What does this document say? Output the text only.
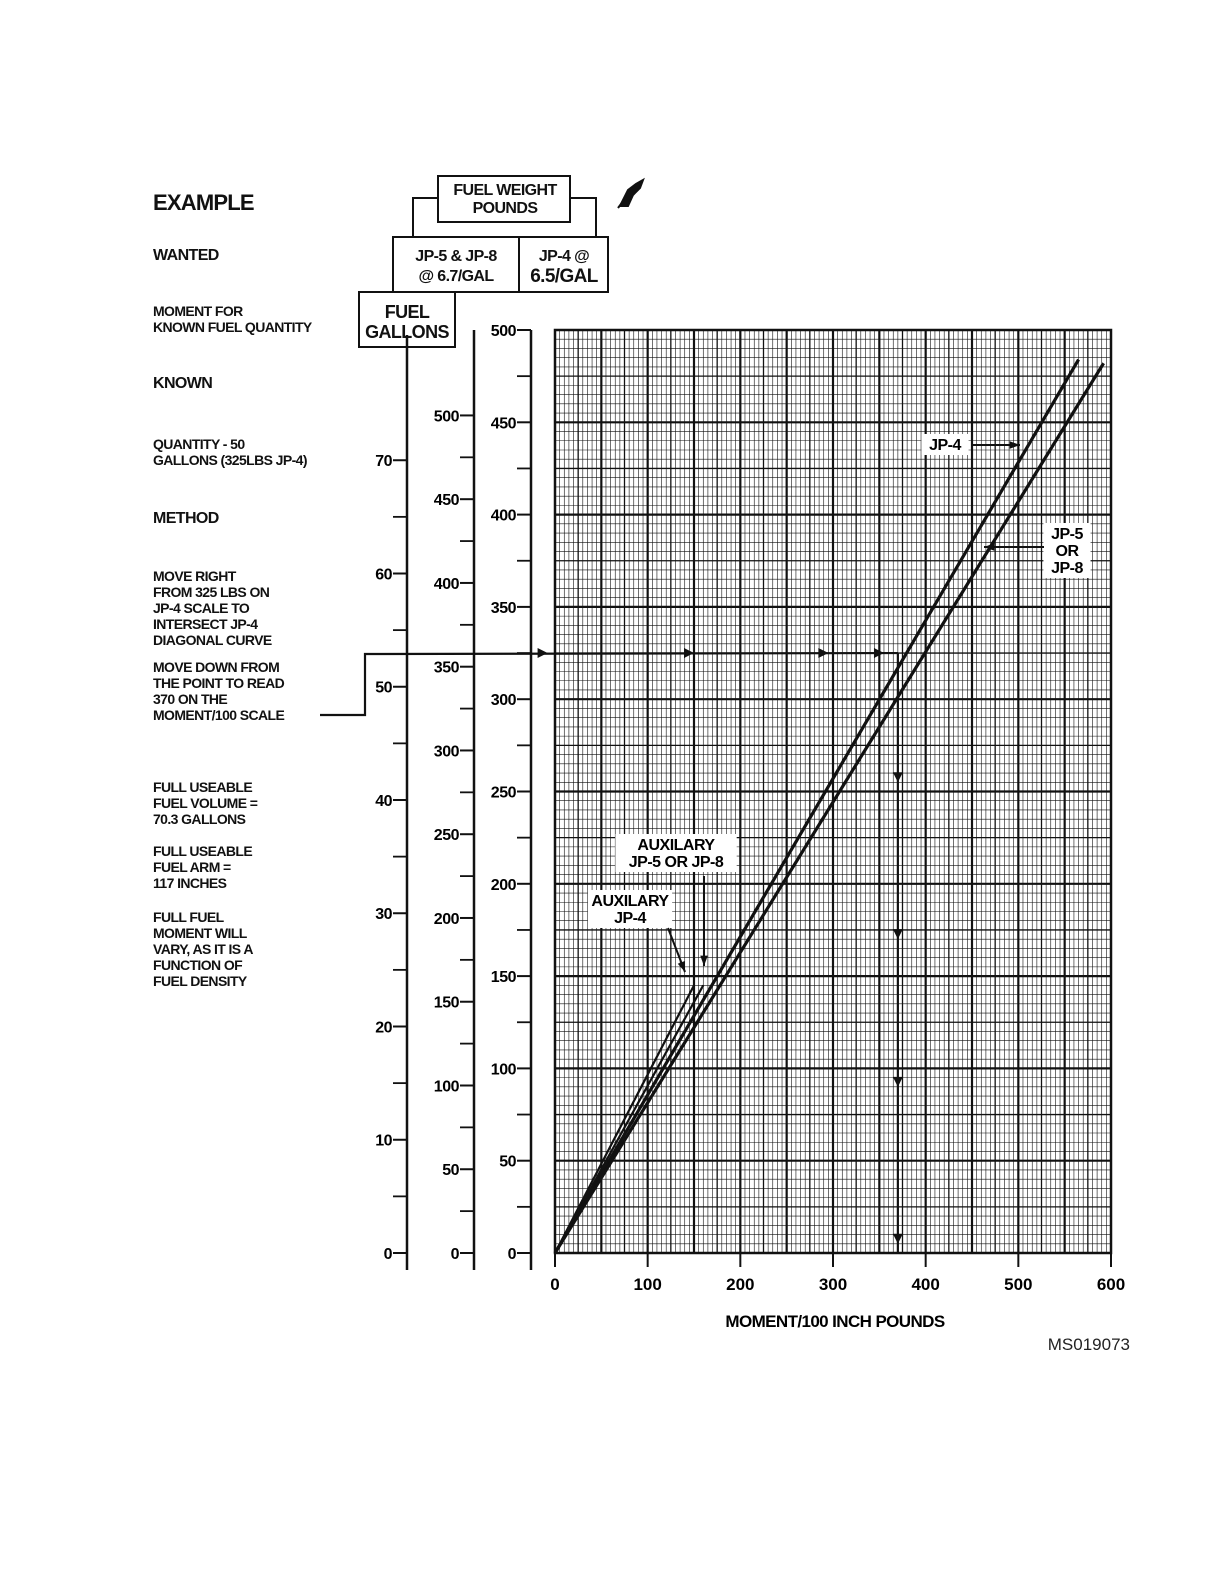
EXAMPLE
WANTED
MOMENT FOR
KNOWN FUEL QUANTITY
KNOWN
QUANTITY - 50
GALLONS (325LBS JP-4)
METHOD
MOVE RIGHT
FROM 325 LBS ON
JP-4 SCALE TO
INTERSECT JP-4
DIAGONAL CURVE
MOVE DOWN FROM
THE POINT TO READ
370 ON THE
MOMENT/100 SCALE
FULL USEABLE
FUEL VOLUME =
70.3 GALLONS
FULL USEABLE
FUEL ARM =
117 INCHES
FULL FUEL
MOMENT WILL
VARY, AS IT IS A
FUNCTION OF
FUEL DENSITY
FUEL WEIGHT
POUNDS
JP-5 & JP-8
@ 6.7/GAL
JP-4 @
6.5/GAL
FUEL
GALLONS
0
10
20
30
40
50
60
70
0
50
100
150
200
250
300
350
400
450
500
0
50
100
150
200
250
300
350
400
450
500
0	100	200	300	400	500	600
MOMENT/100 INCH POUNDS
JP-4
JP-5
OR
JP-8
AUXILARY
JP-5 OR JP-8
AUXILARY
JP-4
MS019073
